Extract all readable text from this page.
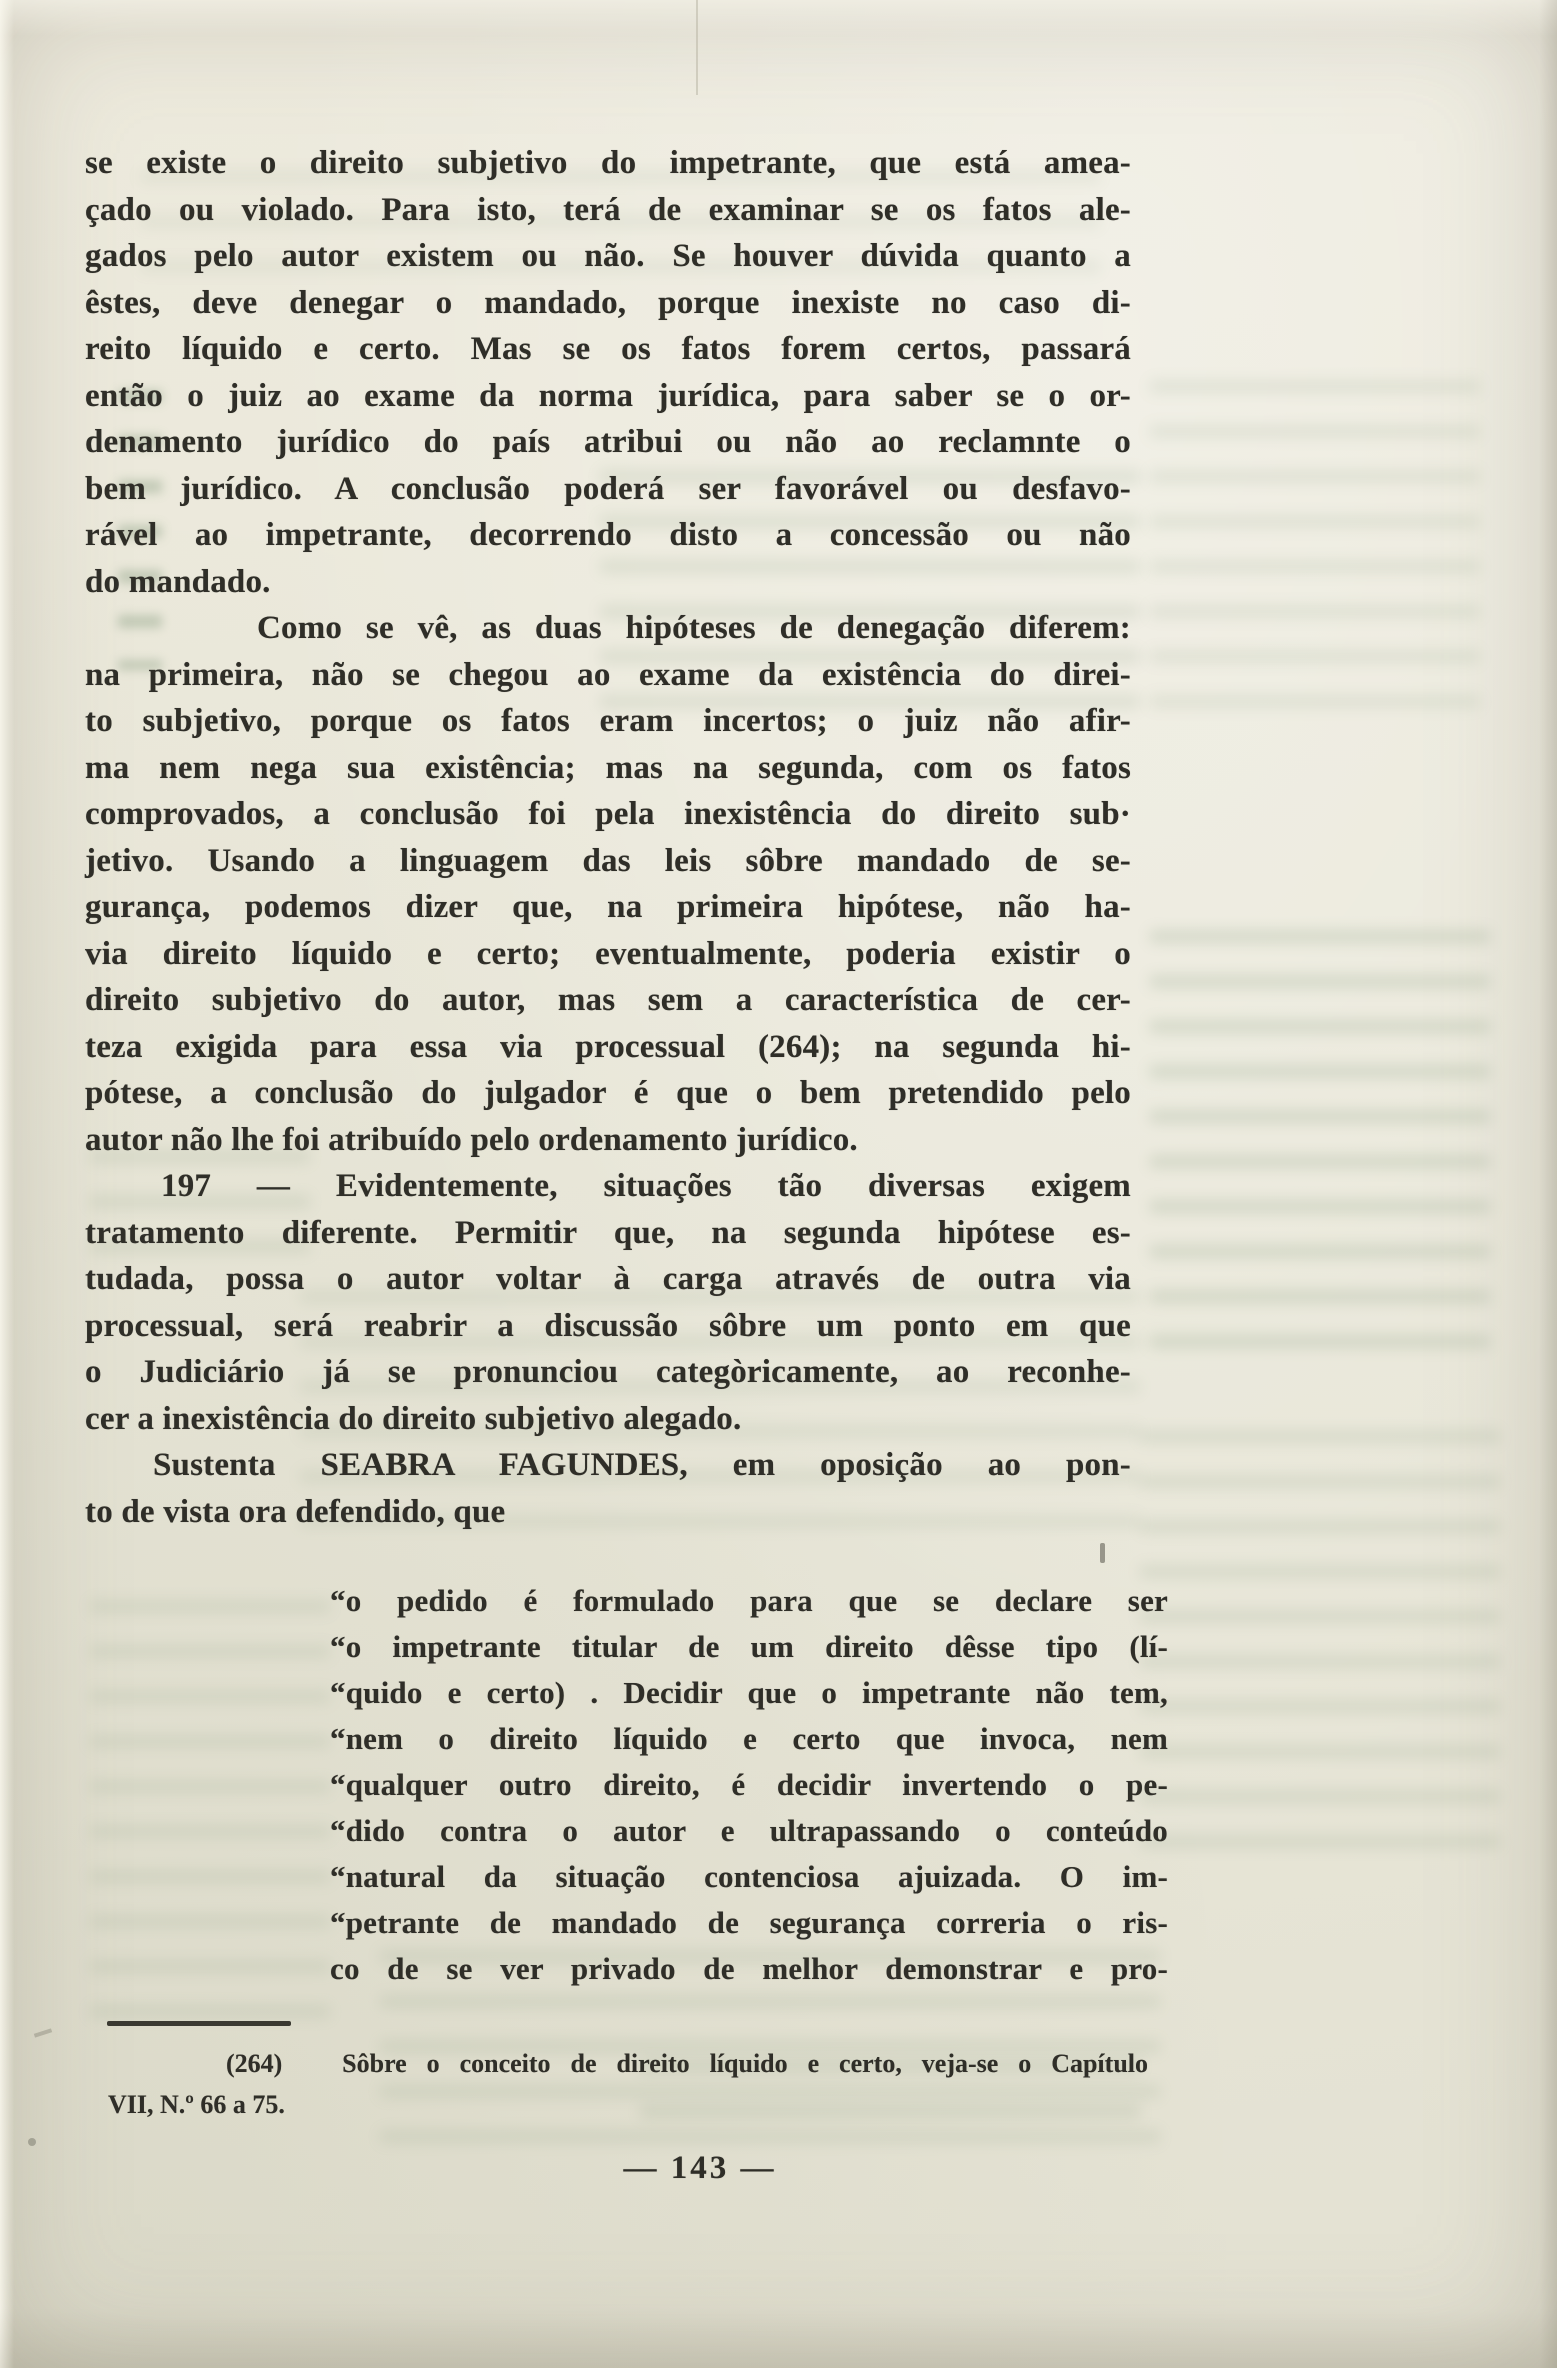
se existe o direito subjetivo do impetrante, que está amea-
çado ou violado. Para isto, terá de examinar se os fatos ale-
gados pelo autor existem ou não. Se houver dúvida quanto a
êstes, deve denegar o mandado, porque inexiste no caso di-
reito líquido e certo. Mas se os fatos forem certos, passará
então o juiz ao exame da norma jurídica, para saber se o or-
denamento jurídico do país atribui ou não ao reclamnte o
bem jurídico. A conclusão poderá ser favorável ou desfavo-
rável ao impetrante, decorrendo disto a concessão ou não
do mandado.
Como se vê, as duas hipóteses de denegação diferem:
na primeira, não se chegou ao exame da existência do direi-
to subjetivo, porque os fatos eram incertos; o juiz não afir-
ma nem nega sua existência; mas na segunda, com os fatos
comprovados, a conclusão foi pela inexistência do direito sub·
jetivo. Usando a linguagem das leis sôbre mandado de se-
gurança, podemos dizer que, na primeira hipótese, não ha-
via direito líquido e certo; eventualmente, poderia existir o
direito subjetivo do autor, mas sem a característica de cer-
teza exigida para essa via processual (264); na segunda hi-
pótese, a conclusão do julgador é que o bem pretendido pelo
autor não lhe foi atribuído pelo ordenamento jurídico.
197 — Evidentemente, situações tão diversas exigem
tratamento diferente. Permitir que, na segunda hipótese es-
tudada, possa o autor voltar à carga através de outra via
processual, será reabrir a discussão sôbre um ponto em que
o Judiciário já se pronunciou categòricamente, ao reconhe-
cer a inexistência do direito subjetivo alegado.
Sustenta SEABRA FAGUNDES, em oposição ao pon-
to de vista ora defendido, que
“o pedido é formulado para que se declare ser
“o impetrante titular de um direito dêsse tipo (lí-
“quido e certo) . Decidir que o impetrante não tem,
“nem o direito líquido e certo que invoca, nem
“qualquer outro direito, é decidir invertendo o pe-
“dido contra o autor e ultrapassando o conteúdo
“natural da situação contenciosa ajuizada. O im-
“petrante de mandado de segurança correria o ris-
co de se ver privado de melhor demonstrar e pro-
(264)   Sôbre o conceito de direito líquido e certo, veja-se o Capítulo
VII, N.º 66 a 75.
— 143 —
